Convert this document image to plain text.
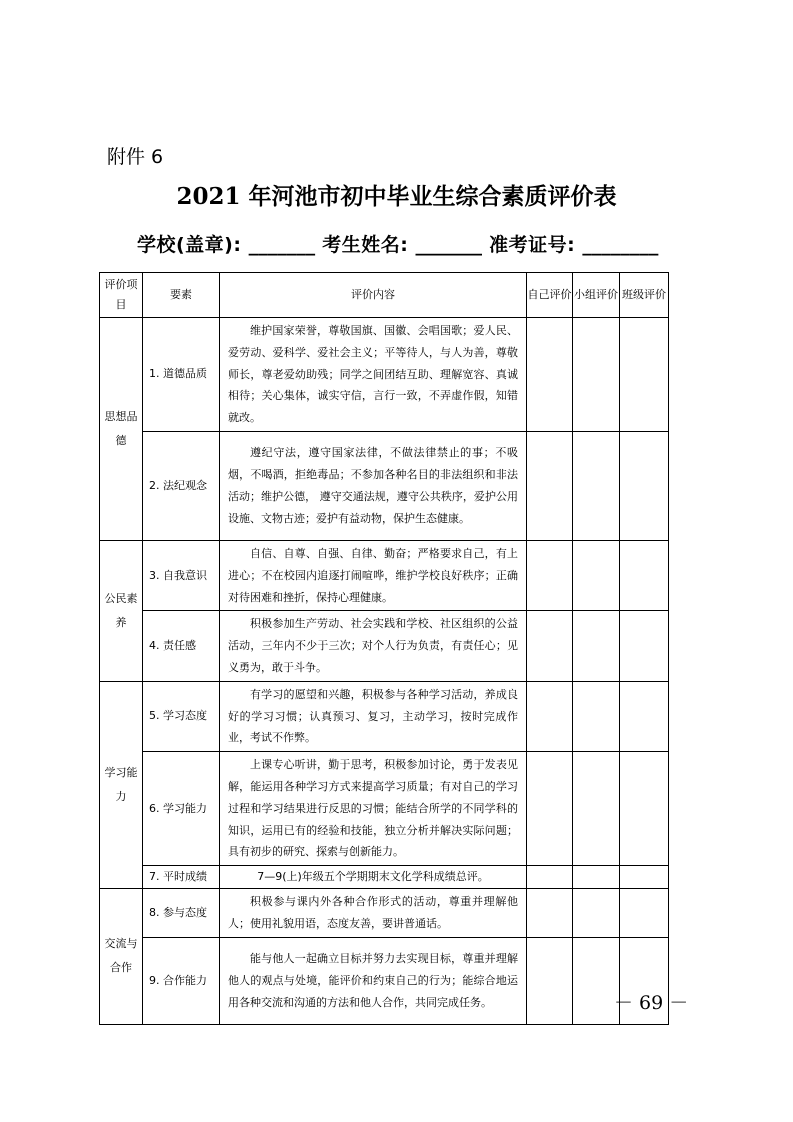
附件 6
2021 年河池市初中毕业生综合素质评价表
学校(盖章): _______ 考生姓名: _______ 准考证号: ________
评价项目	要素	评价内容	自己评价	小组评价	班级评价
思想品德	1. 道德品质	维护国家荣誉，尊敬国旗、国徽、会唱国歌；爱人民、爱劳动、爱科学、爱社会主义；平等待人，与人为善，尊敬师长，尊老爱幼助残；同学之间团结互助、理解宽容、真诚相待；关心集体，诚实守信，言行一致，不弄虚作假，知错就改。			
	2. 法纪观念	遵纪守法，遵守国家法律，不做法律禁止的事；不吸烟，不喝酒，拒绝毒品；不参加各种名目的非法组织和非法活动；维护公德， 遵守交通法规，遵守公共秩序，爱护公用设施、文物古迹；爱护有益动物，保护生态健康。			
公民素养	3. 自我意识	自信、自尊、自强、自律、勤奋；严格要求自己，有上进心；不在校园内追逐打闹喧哗，维护学校良好秩序；正确对待困难和挫折，保持心理健康。			
	4. 责任感	积极参加生产劳动、社会实践和学校、社区组织的公益活动，三年内不少于三次；对个人行为负责，有责任心；见义勇为，敢于斗争。			
学习能力	5. 学习态度	有学习的愿望和兴趣，积极参与各种学习活动，养成良好的学习习惯；认真预习、复习，主动学习，按时完成作业，考试不作弊。			
	6. 学习能力	上课专心听讲，勤于思考，积极参加讨论，勇于发表见解，能运用各种学习方式来提高学习质量；有对自己的学习过程和学习结果进行反思的习惯；能结合所学的不同学科的知识，运用已有的经验和技能，独立分析并解决实际问题；具有初步的研究、探索与创新能力。			
	7. 平时成绩	7—9(上)年级五个学期期末文化学科成绩总评。			
交流与合作	8. 参与态度	积极参与课内外各种合作形式的活动，尊重并理解他人；使用礼貌用语，态度友善，要讲普通话。			
	9. 合作能力	能与他人一起确立目标并努力去实现目标，尊重并理解他人的观点与处境，能评价和约束自己的行为；能综合地运用各种交流和沟通的方法和他人合作，共同完成任务。				－ 69 －
